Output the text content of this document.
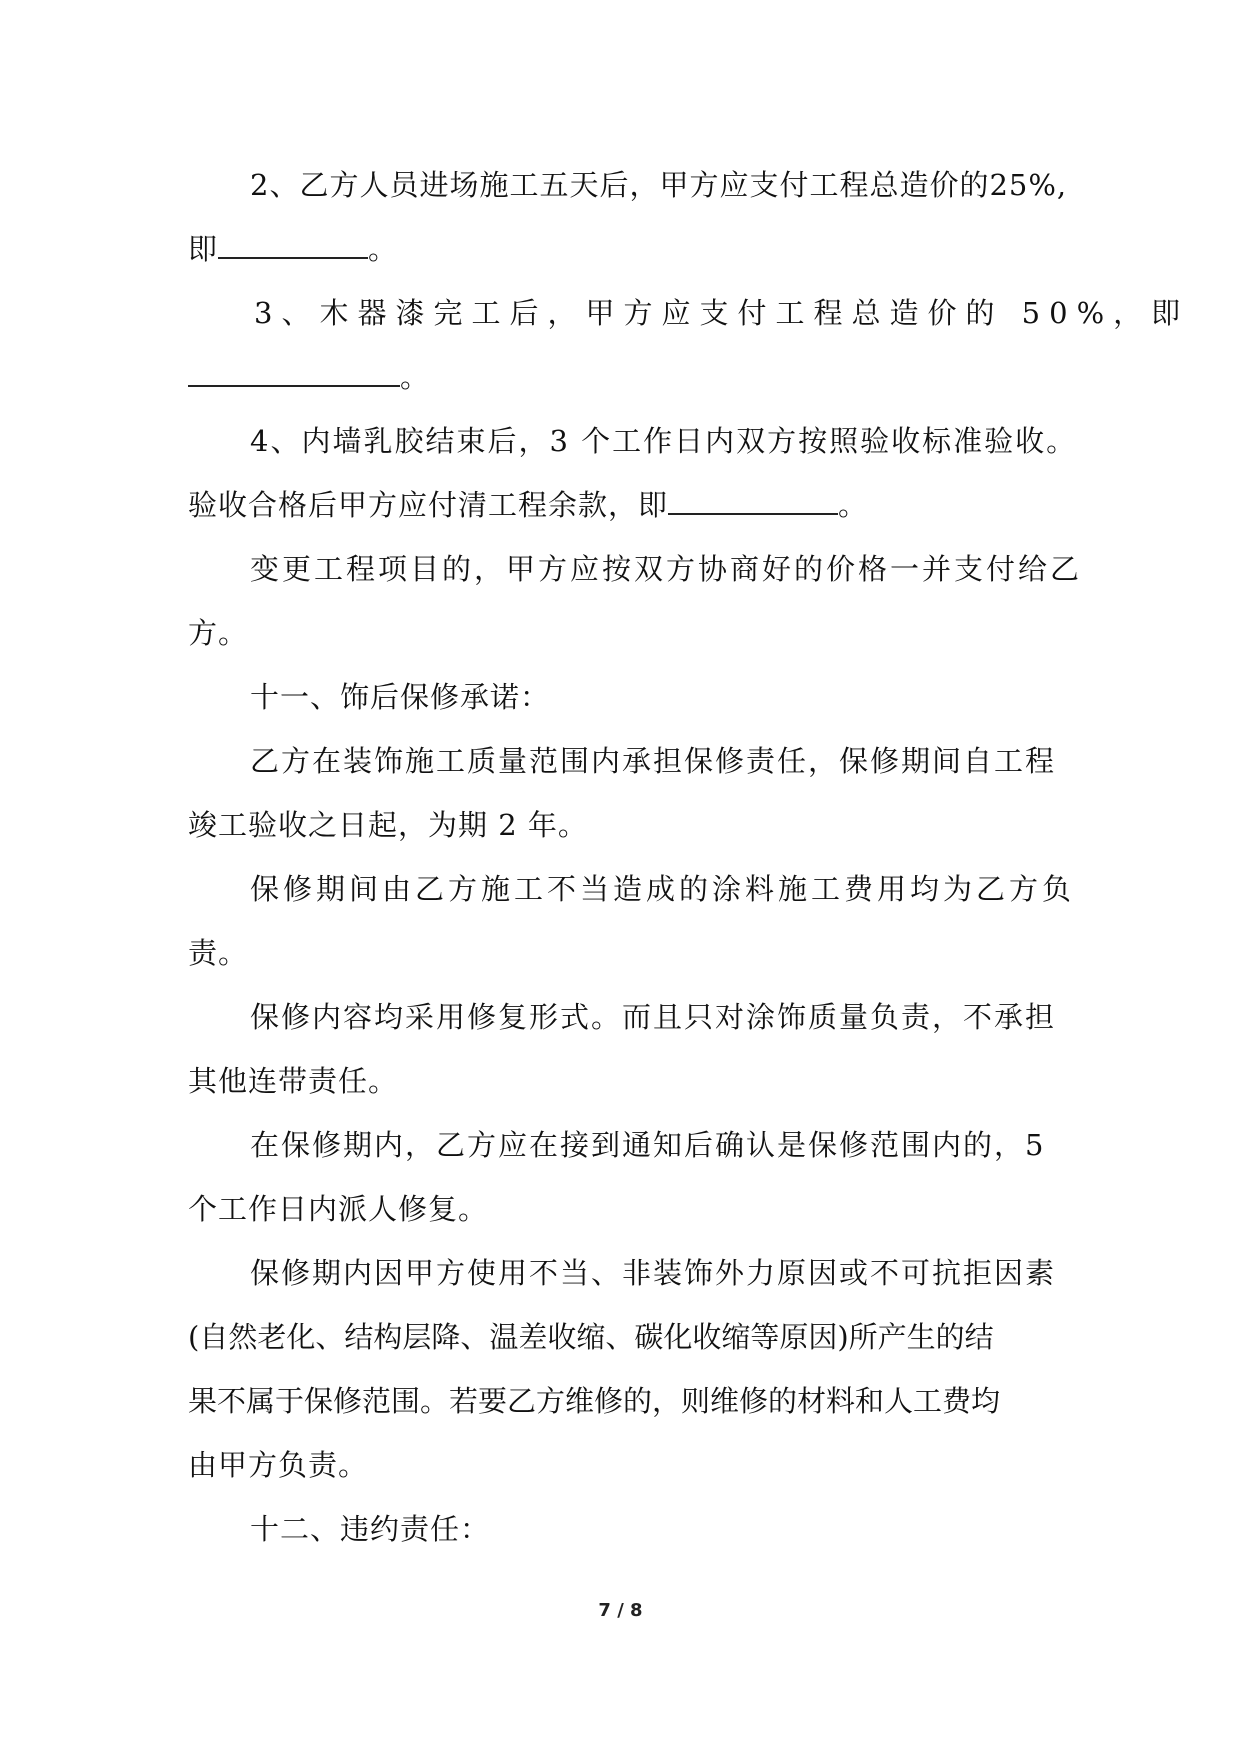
2、乙方人员进场施工五天后，甲方应支付工程总造价的25%,
即	。
3、木器漆完工后，甲方应支付工程总造价的 50%，即
。
4、内墙乳胶结束后，3 个工作日内双方按照验收标准验收。
验收合格后甲方应付清工程余款，即	。
变更工程项目的，甲方应按双方协商好的价格一并支付给乙
方。
十一、饰后保修承诺：
乙方在装饰施工质量范围内承担保修责任，保修期间自工程
竣工验收之日起，为期 2 年。
保修期间由乙方施工不当造成的涂料施工费用均为乙方负
责。
保修内容均采用修复形式。而且只对涂饰质量负责，不承担
其他连带责任。
在保修期内，乙方应在接到通知后确认是保修范围内的，5
个工作日内派人修复。
保修期内因甲方使用不当、非装饰外力原因或不可抗拒因素
(自然老化、结构层降、温差收缩、碳化收缩等原因)所产生的结
果不属于保修范围。若要乙方维修的，则维修的材料和人工费均
由甲方负责。
十二、违约责任：
7 / 8
